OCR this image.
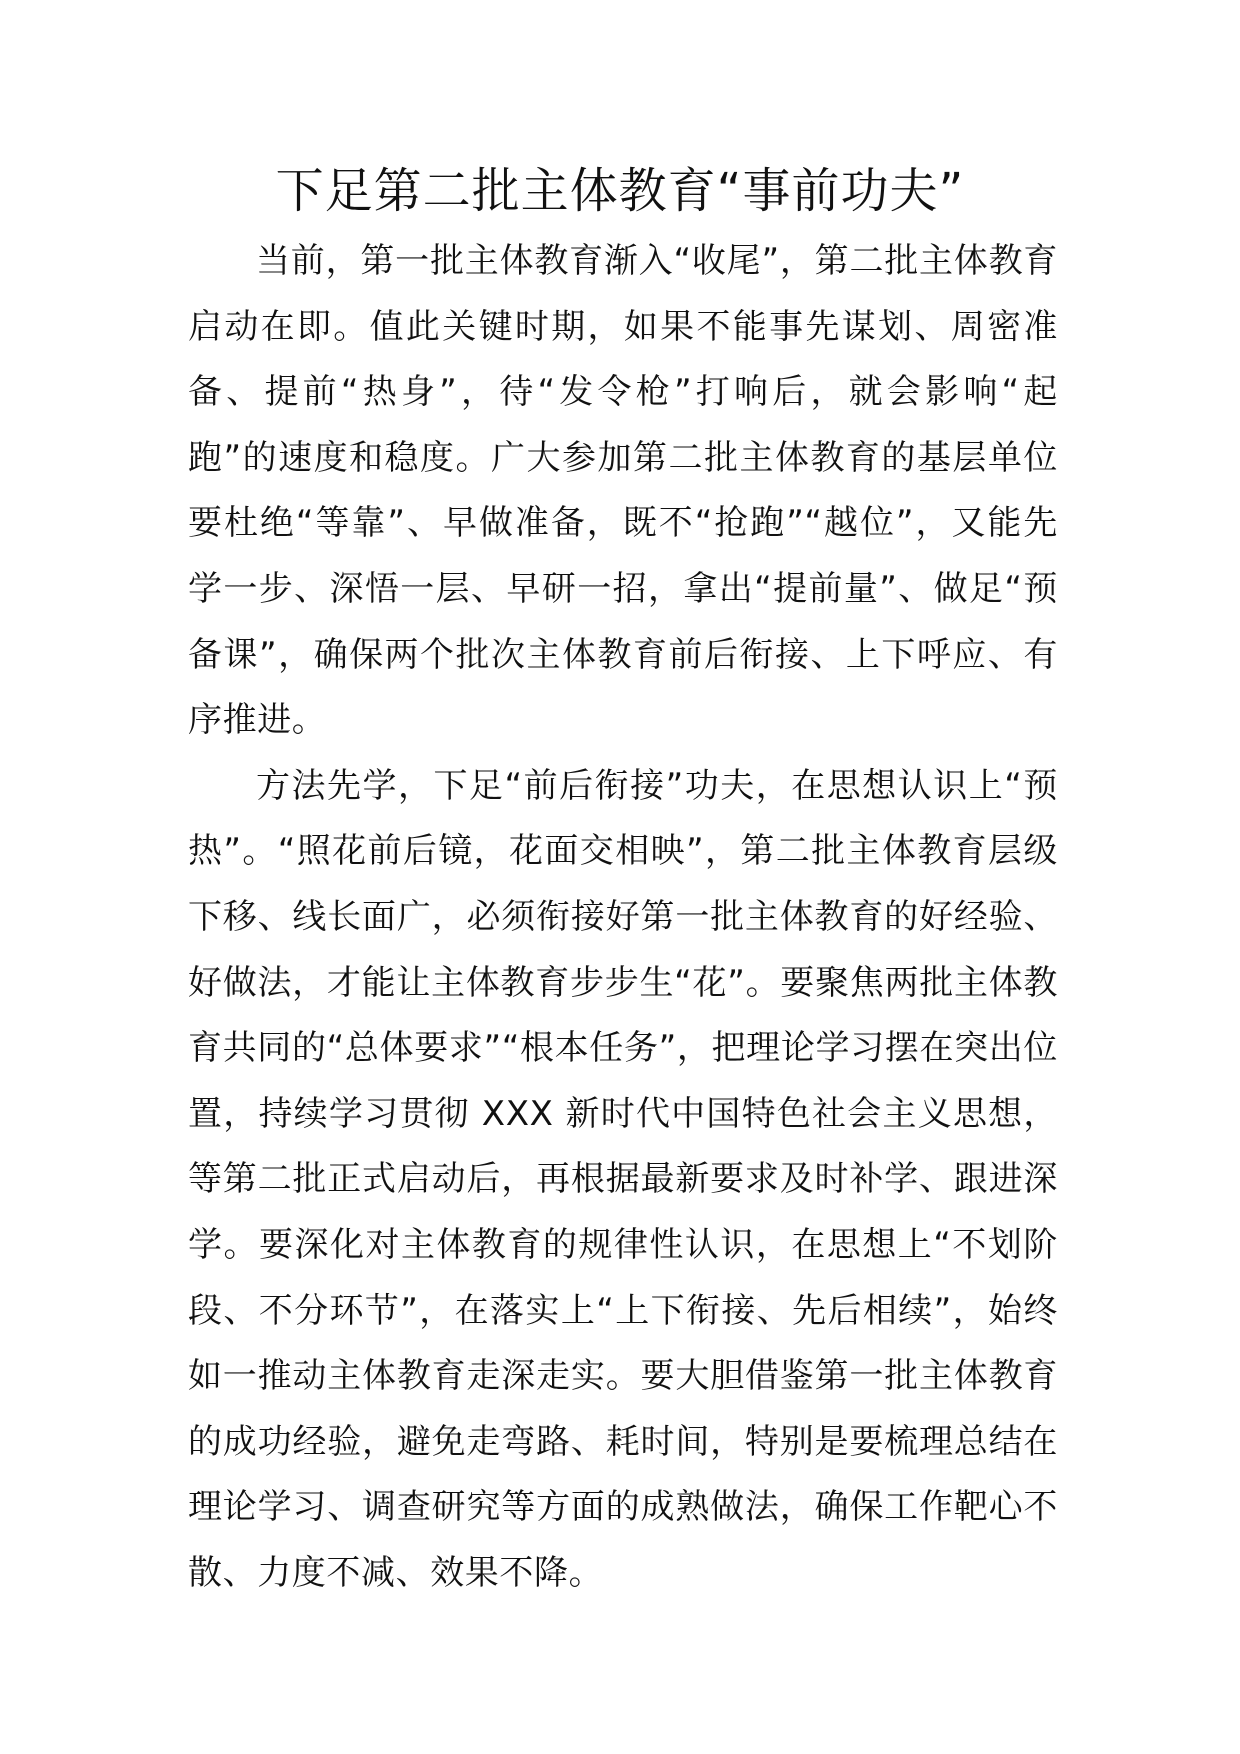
下足第二批主体教育“事前功夫”

当前，第一批主体教育渐入“收尾”，第二批主体教育启动在即。值此关键时期，如果不能事先谋划、周密准备、提前“热身”，待“发令枪”打响后，就会影响“起跑”的速度和稳度。广大参加第二批主体教育的基层单位要杜绝“等靠”、早做准备，既不“抢跑”“越位”，又能先学一步、深悟一层、早研一招，拿出“提前量”、做足“预备课”，确保两个批次主体教育前后衔接、上下呼应、有序推进。

方法先学，下足“前后衔接”功夫，在思想认识上“预热”。“照花前后镜，花面交相映”，第二批主体教育层级下移、线长面广，必须衔接好第一批主体教育的好经验、好做法，才能让主体教育步步生“花”。要聚焦两批主体教育共同的“总体要求”“根本任务”，把理论学习摆在突出位置，持续学习贯彻 XXX 新时代中国特色社会主义思想，等第二批正式启动后，再根据最新要求及时补学、跟进深学。要深化对主体教育的规律性认识，在思想上“不划阶段、不分环节”，在落实上“上下衔接、先后相续”，始终如一推动主体教育走深走实。要大胆借鉴第一批主体教育的成功经验，避免走弯路、耗时间，特别是要梳理总结在理论学习、调查研究等方面的成熟做法，确保工作靶心不散、力度不减、效果不降。
